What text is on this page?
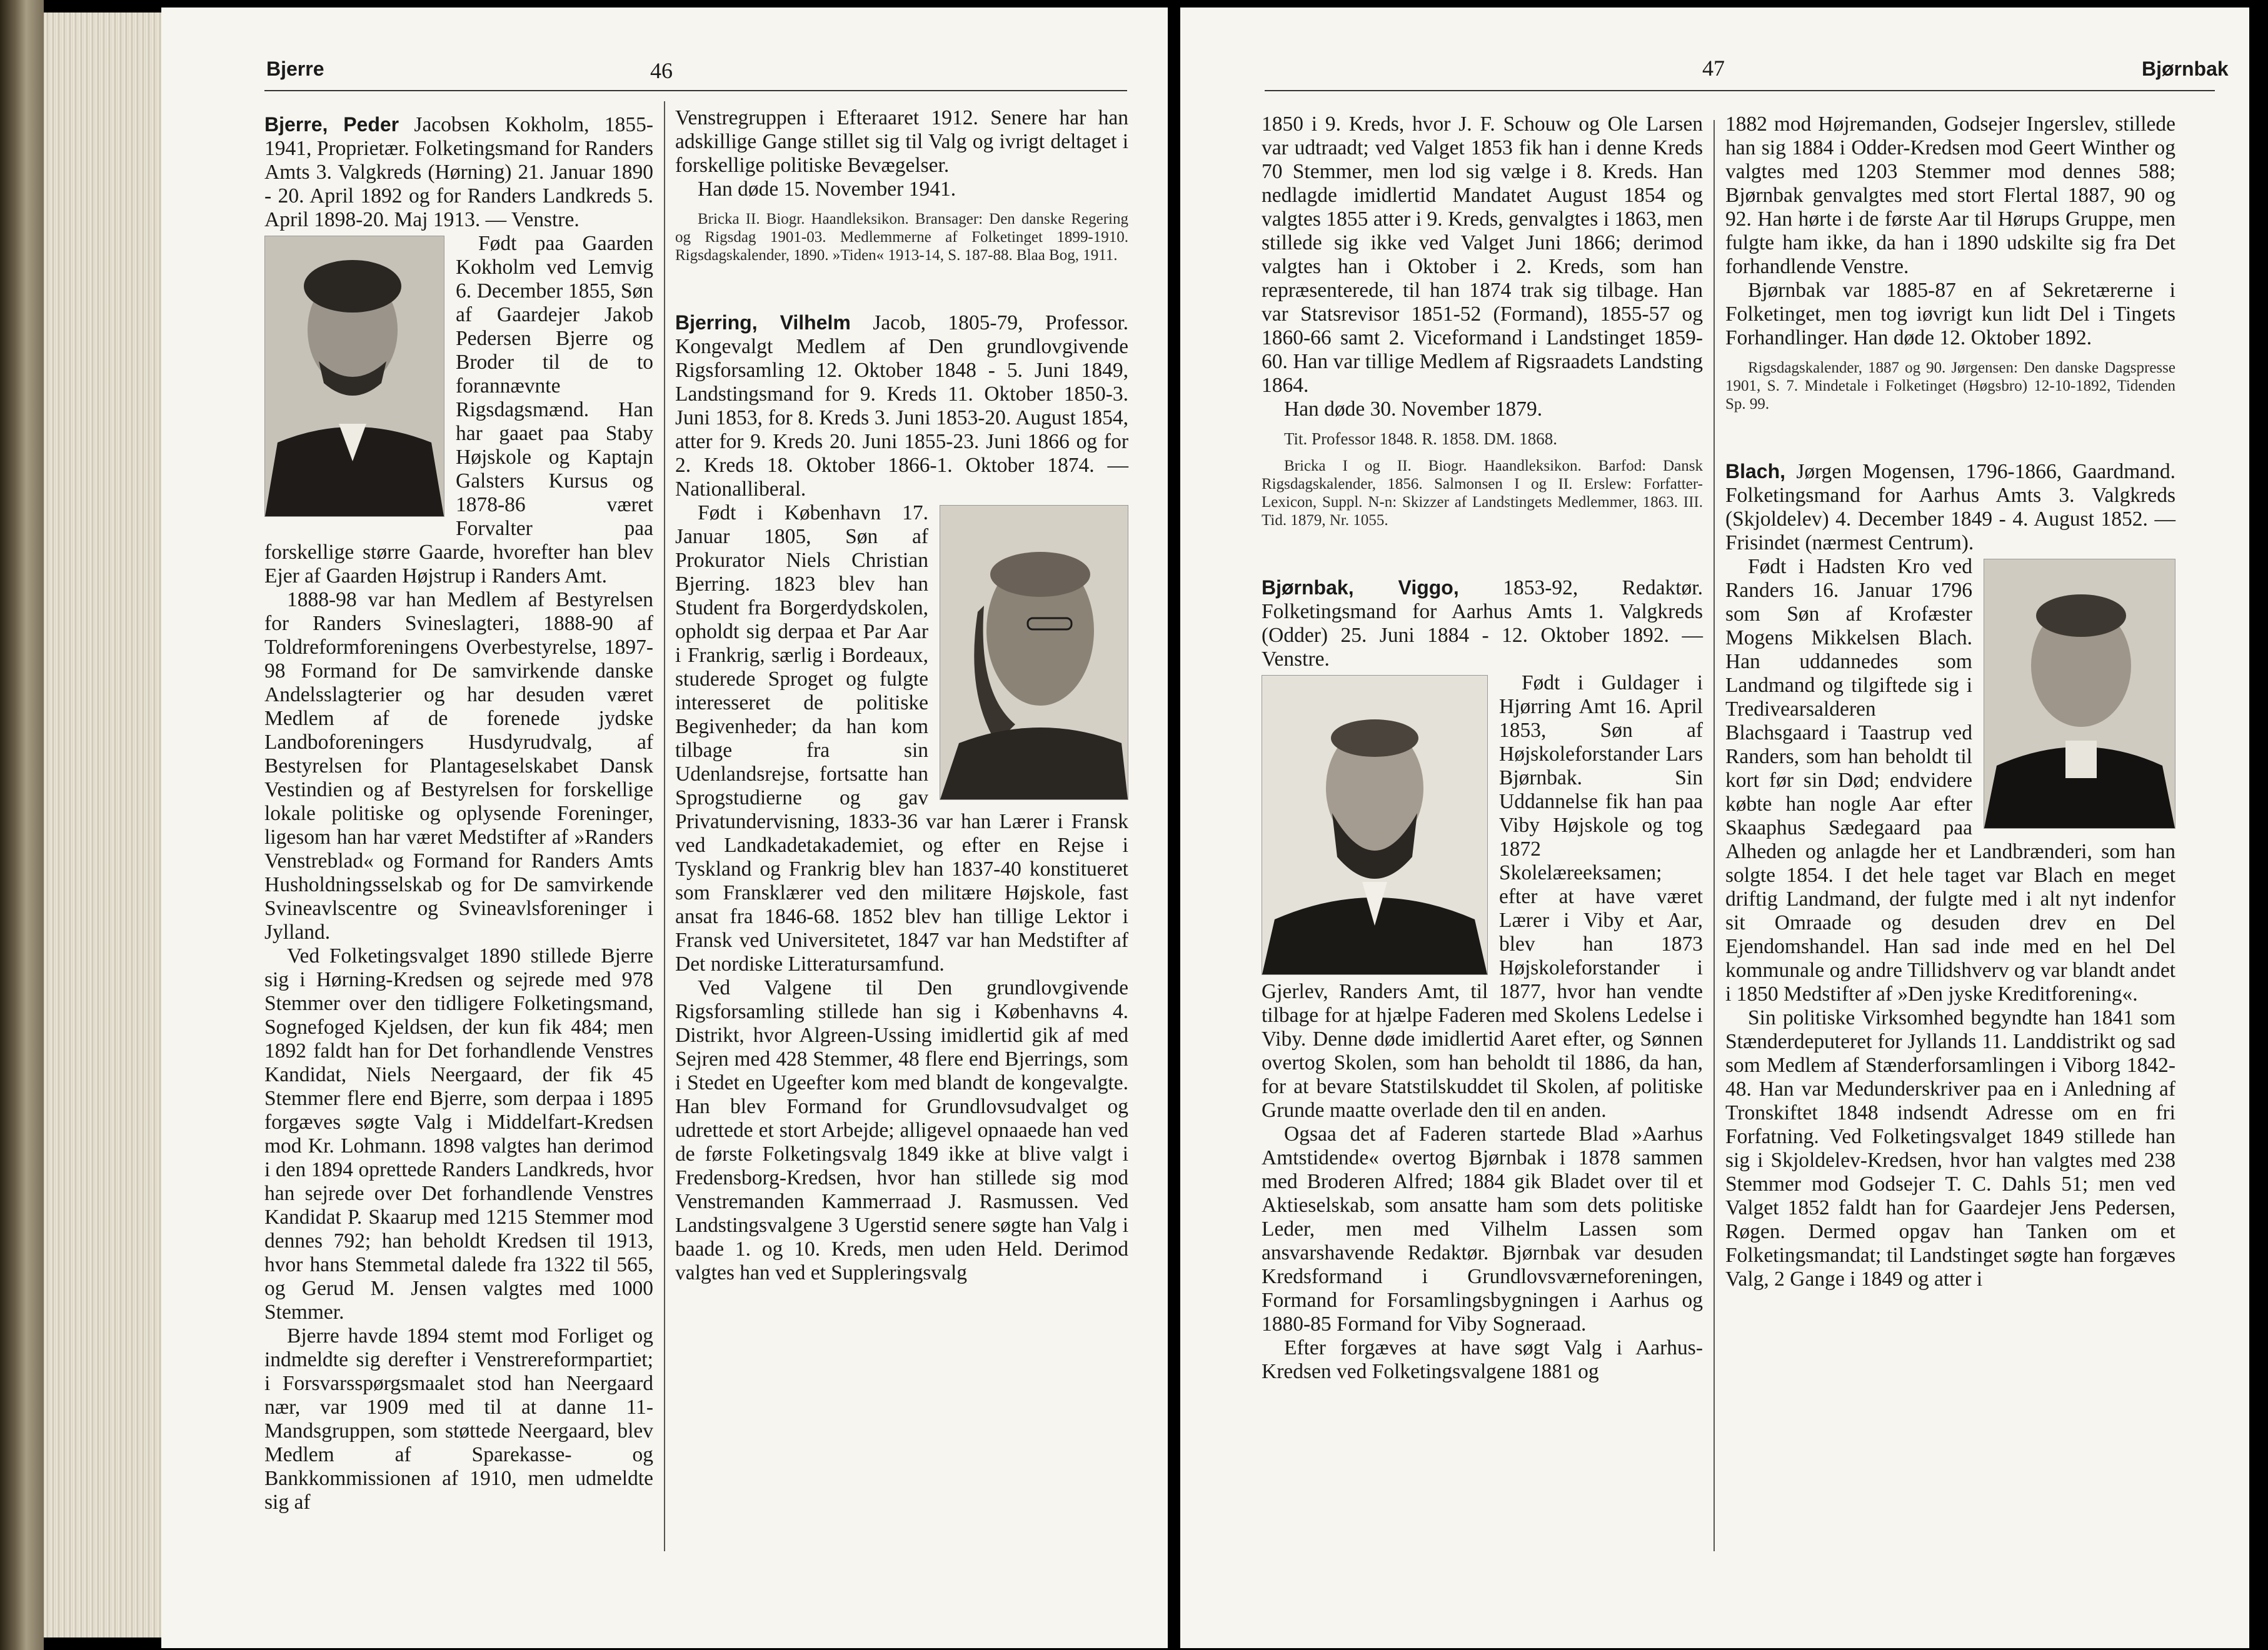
Bjerre	46

Bjerre, Peder Jacobsen Kokholm, 1855-1941, Proprietær. Folketingsmand for Randers Amts 3. Valgkreds (Hørning) 21. Januar 1890 - 20. April 1892 og for Randers Landkreds 5. April 1898-20. Maj 1913. — Venstre.

Født paa Gaarden Kokholm ved Lemvig 6. December 1855, Søn af Gaardejer Jakob Pedersen Bjerre og Broder til de to forannævnte Rigsdagsmænd. Han har gaaet paa Staby Højskole og Kaptajn Galsters Kursus og 1878-86 været Forvalter paa forskellige større Gaarde, hvorefter han blev Ejer af Gaarden Højstrup i Randers Amt.

1888-98 var han Medlem af Bestyrelsen for Randers Svineslagteri, 1888-90 af Toldreformforeningens Overbestyrelse, 1897-98 Formand for De samvirkende danske Andelsslagterier og har desuden været Medlem af de forenede jydske Landboforeningers Husdyrudvalg, af Bestyrelsen for Plantageselskabet Dansk Vestindien og af Bestyrelsen for forskellige lokale politiske og oplysende Foreninger, ligesom han har været Medstifter af »Randers Venstreblad« og Formand for Randers Amts Husholdningsselskab og for De samvirkende Svineavlscentre og Svineavlsforeninger i Jylland.

Ved Folketingsvalget 1890 stillede Bjerre sig i Hørning-Kredsen og sejrede med 978 Stemmer over den tidligere Folketingsmand, Sognefoged Kjeldsen, der kun fik 484; men 1892 faldt han for Det forhandlende Venstres Kandidat, Niels Neergaard, der fik 45 Stemmer flere end Bjerre, som derpaa i 1895 forgæves søgte Valg i Middelfart-Kredsen mod Kr. Lohmann. 1898 valgtes han derimod i den 1894 oprettede Randers Landkreds, hvor han sejrede over Det forhandlende Venstres Kandidat P. Skaarup med 1215 Stemmer mod dennes 792; han beholdt Kredsen til 1913, hvor hans Stemmetal dalede fra 1322 til 565, og Gerud M. Jensen valgtes med 1000 Stemmer.

Bjerre havde 1894 stemt mod Forliget og indmeldte sig derefter i Venstrereformpartiet; i Forsvarsspørgsmaalet stod han Neergaard nær, var 1909 med til at danne 11-Mandsgruppen, som støttede Neergaard, blev Medlem af Sparekasse- og Bankkommissionen af 1910, men udmeldte sig af

Venstregruppen i Efteraaret 1912. Senere har han adskillige Gange stillet sig til Valg og ivrigt deltaget i forskellige politiske Bevægelser.

Han døde 15. November 1941.

Bricka II. Biogr. Haandleksikon. Bransager: Den danske Regering og Rigsdag 1901-03. Medlemmerne af Folketinget 1899-1910. Rigsdagskalender, 1890. »Tiden« 1913-14, S. 187-88. Blaa Bog, 1911.

Bjerring, Vilhelm Jacob, 1805-79, Professor. Kongevalgt Medlem af Den grundlovgivende Rigsforsamling 12. Oktober 1848 - 5. Juni 1849, Landstingsmand for 9. Kreds 11. Oktober 1850-3. Juni 1853, for 8. Kreds 3. Juni 1853-20. August 1854, atter for 9. Kreds 20. Juni 1855-23. Juni 1866 og for 2. Kreds 18. Oktober 1866-1. Oktober 1874. — Nationalliberal.

Født i København 17. Januar 1805, Søn af Prokurator Niels Christian Bjerring. 1823 blev han Student fra Borgerdydskolen, opholdt sig derpaa et Par Aar i Frankrig, særlig i Bordeaux, studerede Sproget og fulgte interesseret de politiske Begivenheder; da han kom tilbage fra sin Udenlandsrejse, fortsatte han Sprogstudierne og gav Privatundervisning, 1833-36 var han Lærer i Fransk ved Landkadetakademiet, og efter en Rejse i Tyskland og Frankrig blev han 1837-40 konstitueret som Fransklærer ved den militære Højskole, fast ansat fra 1846-68. 1852 blev han tillige Lektor i Fransk ved Universitetet, 1847 var han Medstifter af Det nordiske Litteratursamfund.

Ved Valgene til Den grundlovgivende Rigsforsamling stillede han sig i Københavns 4. Distrikt, hvor Algreen-Ussing imidlertid gik af med Sejren med 428 Stemmer, 48 flere end Bjerrings, som i Stedet en Ugeefter kom med blandt de kongevalgte. Han blev Formand for Grundlovsudvalget og udrettede et stort Arbejde; alligevel opnaaede han ved de første Folketingsvalg 1849 ikke at blive valgt i Fredensborg-Kredsen, hvor han stillede sig mod Venstremanden Kammerraad J. Rasmussen. Ved Landstingsvalgene 3 Ugerstid senere søgte han Valg i baade 1. og 10. Kreds, men uden Held. Derimod valgtes han ved et Suppleringsvalg

47	Bjørnbak

1850 i 9. Kreds, hvor J. F. Schouw og Ole Larsen var udtraadt; ved Valget 1853 fik han i denne Kreds 70 Stemmer, men lod sig vælge i 8. Kreds. Han nedlagde imidlertid Mandatet August 1854 og valgtes 1855 atter i 9. Kreds, genvalgtes i 1863, men stillede sig ikke ved Valget Juni 1866; derimod valgtes han i Oktober i 2. Kreds, som han repræsenterede, til han 1874 trak sig tilbage. Han var Statsrevisor 1851-52 (Formand), 1855-57 og 1860-66 samt 2. Viceformand i Landstinget 1859-60. Han var tillige Medlem af Rigsraadets Landsting 1864.

Han døde 30. November 1879.

Tit. Professor 1848. R. 1858. DM. 1868.

Bricka I og II. Biogr. Haandleksikon. Barfod: Dansk Rigsdagskalender, 1856. Salmonsen I og II. Erslew: Forfatter-Lexicon, Suppl. N-n: Skizzer af Landstingets Medlemmer, 1863. III. Tid. 1879, Nr. 1055.

Bjørnbak, Viggo, 1853-92, Redaktør. Folketingsmand for Aarhus Amts 1. Valgkreds (Odder) 25. Juni 1884 - 12. Oktober 1892. — Venstre.

Født i Guldager i Hjørring Amt 16. April 1853, Søn af Højskoleforstander Lars Bjørnbak. Sin Uddannelse fik han paa Viby Højskole og tog 1872 Skolelæreeksamen; efter at have været Lærer i Viby et Aar, blev han 1873 Højskoleforstander i Gjerlev, Randers Amt, til 1877, hvor han vendte tilbage for at hjælpe Faderen med Skolens Ledelse i Viby. Denne døde imidlertid Aaret efter, og Sønnen overtog Skolen, som han beholdt til 1886, da han, for at bevare Statstilskuddet til Skolen, af politiske Grunde maatte overlade den til en anden.

Ogsaa det af Faderen startede Blad »Aarhus Amtstidende« overtog Bjørnbak i 1878 sammen med Broderen Alfred; 1884 gik Bladet over til et Aktieselskab, som ansatte ham som dets politiske Leder, men med Vilhelm Lassen som ansvarshavende Redaktør. Bjørnbak var desuden Kredsformand i Grundlovsværneforeningen, Formand for Forsamlingsbygningen i Aarhus og 1880-85 Formand for Viby Sogneraad.

Efter forgæves at have søgt Valg i Aarhus-Kredsen ved Folketingsvalgene 1881 og

1882 mod Højremanden, Godsejer Ingerslev, stillede han sig 1884 i Odder-Kredsen mod Geert Winther og valgtes med 1203 Stemmer mod dennes 588; Bjørnbak genvalgtes med stort Flertal 1887, 90 og 92. Han hørte i de første Aar til Hørups Gruppe, men fulgte ham ikke, da han i 1890 udskilte sig fra Det forhandlende Venstre.

Bjørnbak var 1885-87 en af Sekretærerne i Folketinget, men tog iøvrigt kun lidt Del i Tingets Forhandlinger. Han døde 12. Oktober 1892.

Rigsdagskalender, 1887 og 90. Jørgensen: Den danske Dagspresse 1901, S. 7. Mindetale i Folketinget (Høgsbro) 12-10-1892, Tidenden Sp. 99.

Blach, Jørgen Mogensen, 1796-1866, Gaardmand. Folketingsmand for Aarhus Amts 3. Valgkreds (Skjoldelev) 4. December 1849 - 4. August 1852. — Frisindet (nærmest Centrum).

Født i Hadsten Kro ved Randers 16. Januar 1796 som Søn af Krofæster Mogens Mikkelsen Blach. Han uddannedes som Landmand og tilgiftede sig i Tredivearsalderen Blachsgaard i Taastrup ved Randers, som han beholdt til kort før sin Død; endvidere købte han nogle Aar efter Skaaphus Sædegaard paa Alheden og anlagde her et Landbrænderi, som han solgte 1854. I det hele taget var Blach en meget driftig Landmand, der fulgte med i alt nyt indenfor sit Omraade og desuden drev en Del Ejendomshandel. Han sad inde med en hel Del kommunale og andre Tillidshverv og var blandt andet i 1850 Medstifter af »Den jyske Kreditforening«.

Sin politiske Virksomhed begyndte han 1841 som Stænderdeputeret for Jyllands 11. Landdistrikt og sad som Medlem af Stænderforsamlingen i Viborg 1842-48. Han var Medunderskriver paa en i Anledning af Tronskiftet 1848 indsendt Adresse om en fri Forfatning. Ved Folketingsvalget 1849 stillede han sig i Skjoldelev-Kredsen, hvor han valgtes med 238 Stemmer mod Godsejer T. C. Dahls 51; men ved Valget 1852 faldt han for Gaardejer Jens Pedersen, Røgen. Dermed opgav han Tanken om et Folketingsmandat; til Landstinget søgte han forgæves Valg, 2 Gange i 1849 og atter i
